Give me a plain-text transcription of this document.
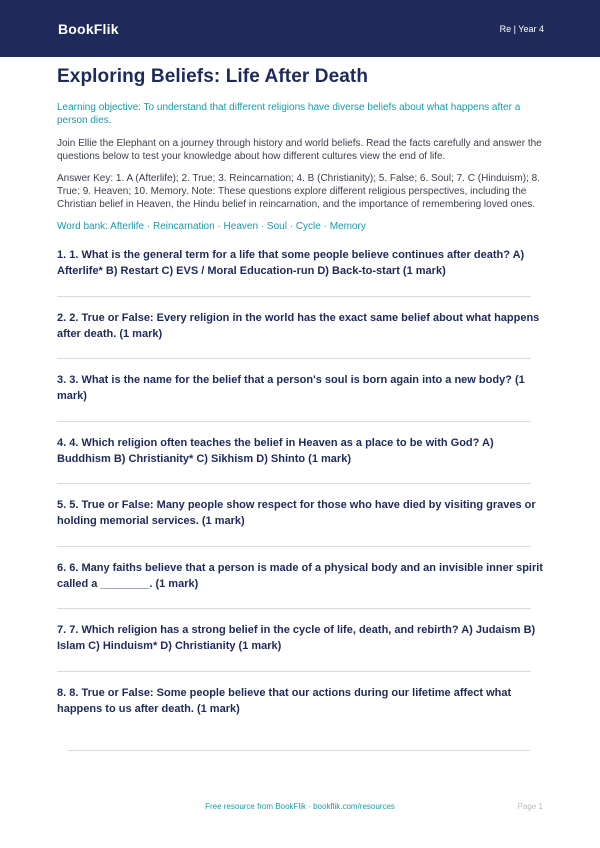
BookFlik	Re | Year 4
Exploring Beliefs: Life After Death

Learning objective: To understand that different religions have diverse beliefs about what happens after a person dies.

Join Ellie the Elephant on a journey through history and world beliefs. Read the facts carefully and answer the questions below to test your knowledge about how different cultures view the end of life.

Answer Key: 1. A (Afterlife); 2. True; 3. Reincarnation; 4. B (Christianity); 5. False; 6. Soul; 7. C (Hinduism); 8. True; 9. Heaven; 10. Memory. Note: These questions explore different religious perspectives, including the Christian belief in Heaven, the Hindu belief in reincarnation, and the importance of remembering loved ones.

Word bank: Afterlife · Reincarnation · Heaven · Soul · Cycle · Memory

1. 1. What is the general term for a life that some people believe continues after death? A) Afterlife* B) Restart C) EVS / Moral Education-run D) Back-to-start (1 mark)
2. 2. True or False: Every religion in the world has the exact same belief about what happens after death. (1 mark)
3. 3. What is the name for the belief that a person's soul is born again into a new body? (1 mark)
4. 4. Which religion often teaches the belief in Heaven as a place to be with God? A) Buddhism B) Christianity* C) Sikhism D) Shinto (1 mark)
5. 5. True or False: Many people show respect for those who have died by visiting graves or holding memorial services. (1 mark)
6. 6. Many faiths believe that a person is made of a physical body and an invisible inner spirit called a ________. (1 mark)
7. 7. Which religion has a strong belief in the cycle of life, death, and rebirth? A) Judaism B) Islam C) Hinduism* D) Christianity (1 mark)
8. 8. True or False: Some people believe that our actions during our lifetime affect what happens to us after death. (1 mark)
Free resource from BookFlik · bookflik.com/resources	Page 1
